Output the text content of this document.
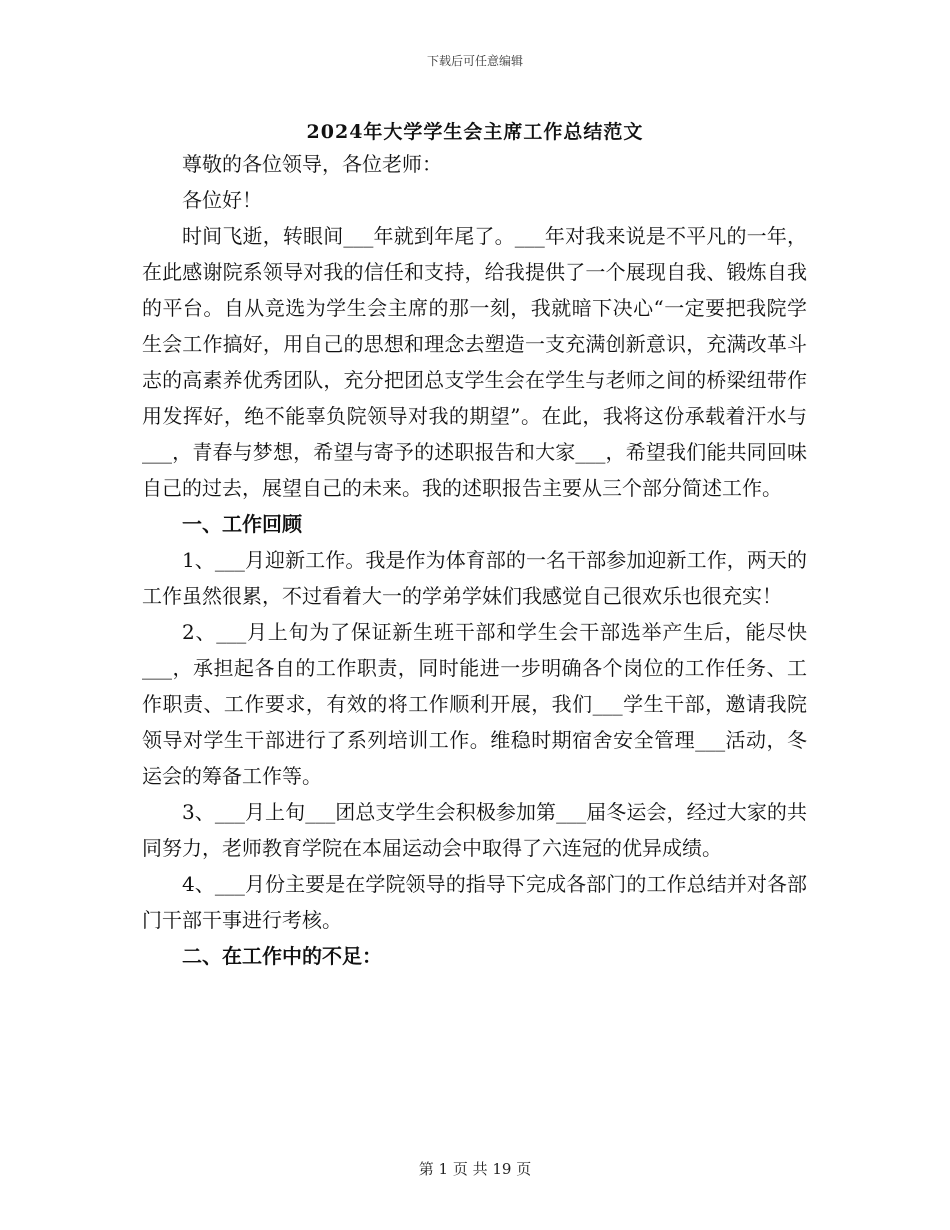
下载后可任意编辑
2024年大学学生会主席工作总结范文

尊敬的各位领导，各位老师：

各位好！

时间飞逝，转眼间___年就到年尾了。___年对我来说是不平凡的一年，在此感谢院系领导对我的信任和支持，给我提供了一个展现自我、锻炼自我的平台。自从竞选为学生会主席的那一刻，我就暗下决心“一定要把我院学生会工作搞好，用自己的思想和理念去塑造一支充满创新意识，充满改革斗志的高素养优秀团队，充分把团总支学生会在学生与老师之间的桥梁纽带作用发挥好，绝不能辜负院领导对我的期望”。在此，我将这份承载着汗水与___，青春与梦想，希望与寄予的述职报告和大家___，希望我们能共同回味自己的过去，展望自己的未来。我的述职报告主要从三个部分简述工作。

一、工作回顾

1、___月迎新工作。我是作为体育部的一名干部参加迎新工作，两天的工作虽然很累，不过看着大一的学弟学妹们我感觉自己很欢乐也很充实！

2、___月上旬为了保证新生班干部和学生会干部选举产生后，能尽快___，承担起各自的工作职责，同时能进一步明确各个岗位的工作任务、工作职责、工作要求，有效的将工作顺利开展，我们___学生干部，邀请我院领导对学生干部进行了系列培训工作。维稳时期宿舍安全管理___活动，冬运会的筹备工作等。

3、___月上旬___团总支学生会积极参加第___届冬运会，经过大家的共同努力，老师教育学院在本届运动会中取得了六连冠的优异成绩。

4、___月份主要是在学院领导的指导下完成各部门的工作总结并对各部门干部干事进行考核。

二、在工作中的不足：

第 1 页 共 19 页
